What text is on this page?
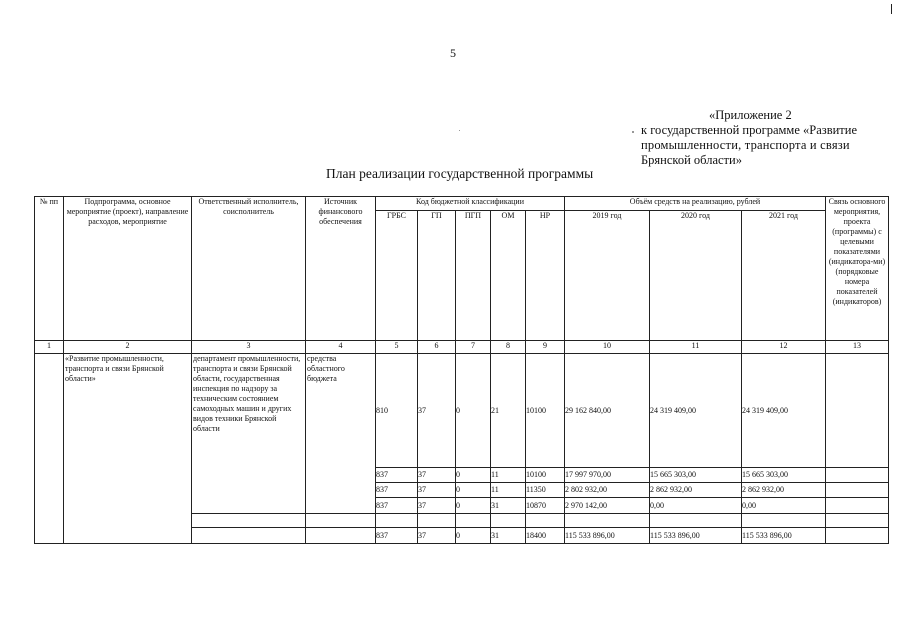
5
«Приложение 2
к государственной программе «Развитие
промышленности, транспорта и связи
Брянской области»
План реализации государственной программы
№ пп	Подпрограмма, основное мероприятие (проект), направление расходов, мероприятие	Ответственный исполнитель, соисполнитель	Источник финансового обеспечения	Код бюджетной классификации					Объём средств на реализацию, рублей			Связь основного мероприятия, проекта (программы) с целевыми показателями (индикатора-ми) (порядковые номера показателей (индикаторов)
				ГРБС	ГП	ПГП	ОМ	НР	2019 год	2020 год	2021 год	
1	2	3	4	5	6	7	8	9	10	11	12	13
	«Развитие промышленности, транспорта и связи Брянской области»	департамент промышленности, транспорта и связи Брянской области, государственная инспекция по надзору за техническим состоянием самоходных машин и других видов техники Брянской области	средства областного бюджета	810	37	0	21	10100	29 162 840,00	24 319 409,00	24 319 409,00	
				837	37	0	11	10100	17 997 970,00	15 665 303,00	15 665 303,00	
				837	37	0	11	11350	2 802 932,00	2 862 932,00	2 862 932,00	
				837	37	0	31	10870	2 970 142,00	0,00	0,00	

				837	37	0	31	18400	115 533 896,00	115 533 896,00	115 533 896,00	
